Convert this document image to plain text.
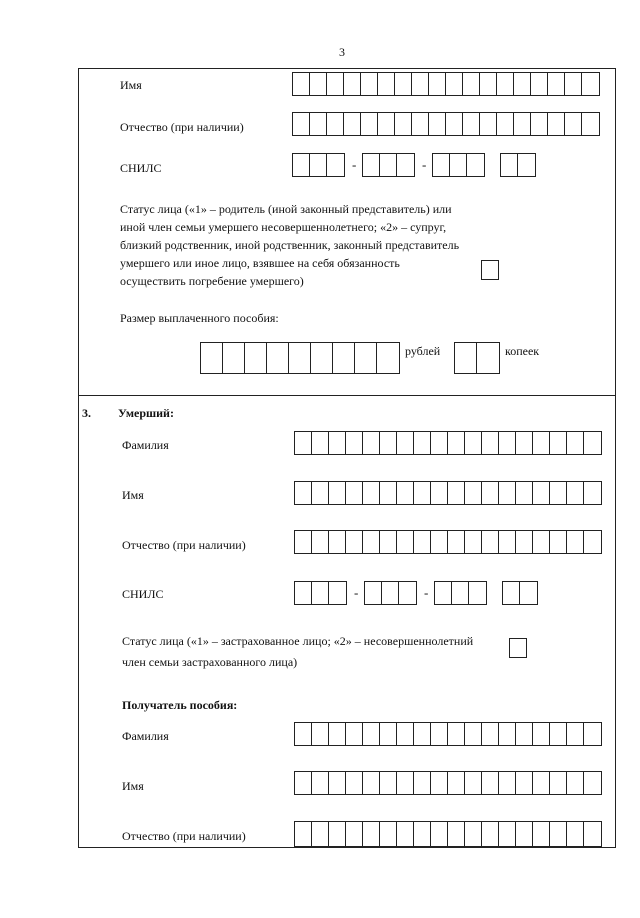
3
Имя
Отчество (при наличии)
СНИЛС	-	-
Статус лица («1» – родитель (иной законный представитель) или
иной член семьи умершего несовершеннолетнего; «2» – супруг,
близкий родственник, иной родственник, законный представитель
умершего или иное лицо, взявшее на себя обязанность
осуществить погребение умершего)
Размер выплаченного пособия:
рублей	копеек
3. Умерший:
Фамилия
Имя
Отчество (при наличии)
СНИЛС	-	-
Статус лица («1» – застрахованное лицо; «2» – несовершеннолетний
член семьи застрахованного лица)
Получатель пособия:
Фамилия
Имя
Отчество (при наличии)
